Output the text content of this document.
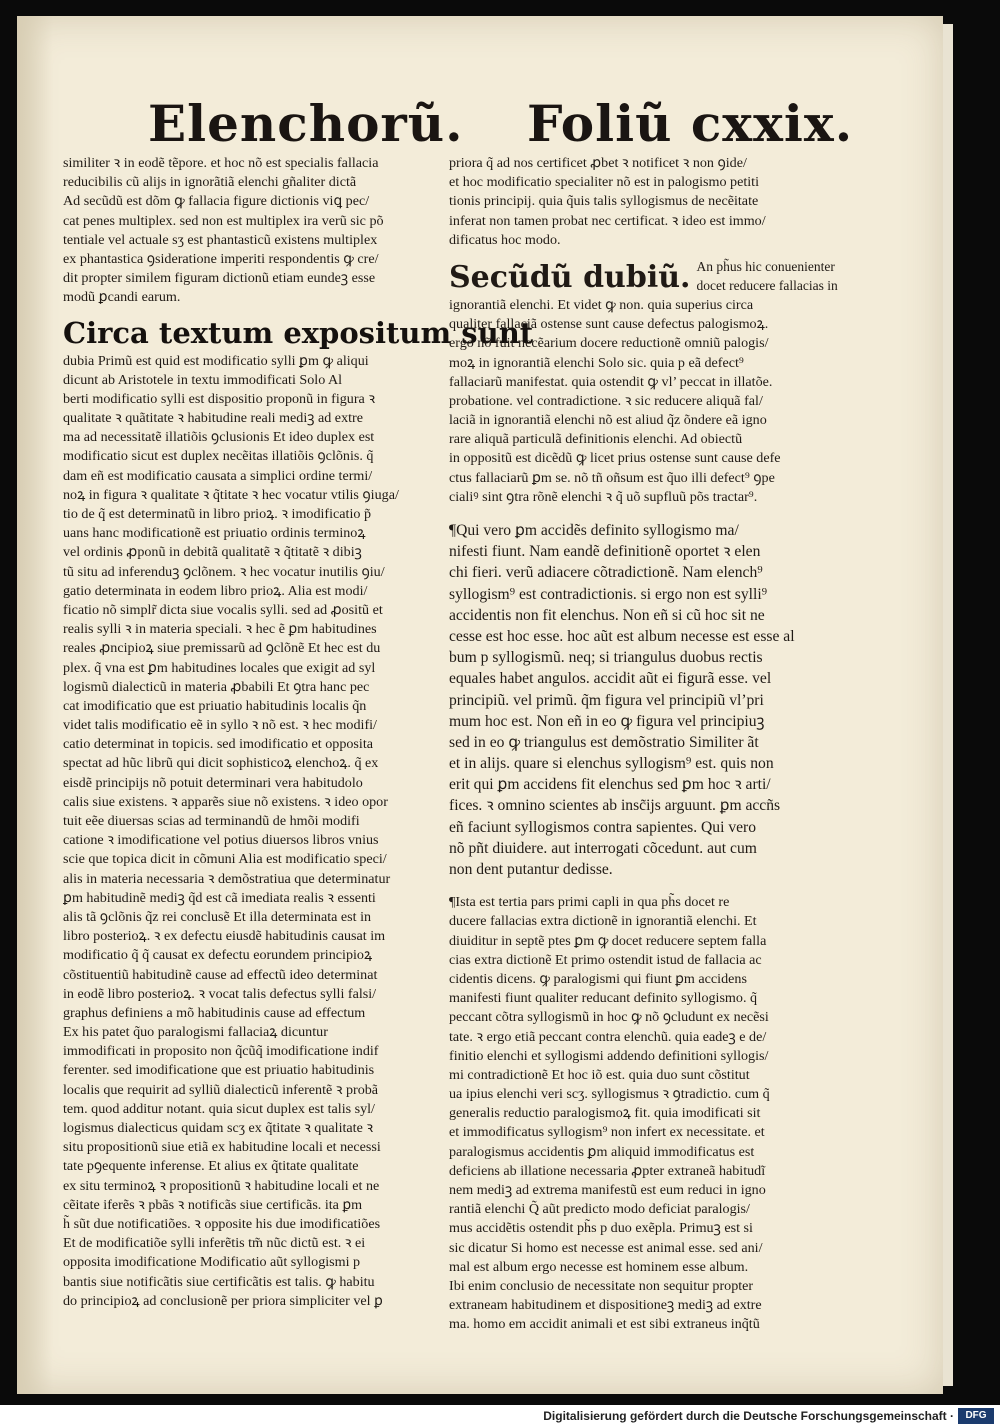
Elenchorũ. Foliũ cxxix.
similiter ꝛ in eodẽ tẽpore. et hoc nõ est specialis fallacia
reducibilis cũ alijs in ignorãtiã elenchi gñaliter dictã
Ad secũdũ est dõm ꝙ fallacia figure dictionis viꝗ pec/
cat penes multiplex. sed non est multiplex ira verũ sic põ
tentiale vel actuale sʒ est phantasticũ existens multiplex
ex phantastica ꝯsideratione imperiti respondentis ꝙ cre/
dit propter similem figuram dictionũ etiam eundeꝫ esse
modũ ꝑcandi earum.
Circa textum expositum sunt
dubia Primũ est quid est modificatio sylli ꝑm ꝙ aliqui
dicunt ab Aristotele in textu immodificati Solo Al
berti modificatio sylli est dispositio proponũ in figura ꝛ
qualitate ꝛ quãtitate ꝛ habitudine reali mediꝫ ad extre
ma ad necessitatẽ illatiõis ꝯclusionis Et ideo duplex est
modificatio sicut est duplex necẽitas illatiõis ꝯclõnis. q̃
dam eñ est modificatio causata a simplici ordine termi/
noꝝ in figura ꝛ qualitate ꝛ q̃titate ꝛ hec vocatur vtilis ꝯiuga/
tio de q̃ est determinatũ in libro prioꝝ. ꝛ imodificatio p̃
uans hanc modificationẽ est priuatio ordinis terminoꝝ
vel ordinis ꝓponũ in debitã qualitatẽ ꝛ q̃titatẽ ꝛ dibiꝫ
tũ situ ad inferenduꝫ ꝯclõnem. ꝛ hec vocatur inutilis ꝯiu/
gatio determinata in eodem libro prioꝝ. Alia est modi/
ficatio nõ simplr̃ dicta siue vocalis sylli. sed ad ꝓositũ et
realis sylli ꝛ in materia speciali. ꝛ hec ẽ ꝑm habitudines
reales ꝓncipioꝝ siue premissarũ ad ꝯclõnẽ Et hec est du
plex. q̃ vna est ꝑm habitudines locales que exigit ad syl
logismũ dialecticũ in materia ꝓbabili Et ꝯtra hanc pec
cat imodificatio que est priuatio habitudinis localis q̃n
videt talis modificatio eẽ in syllo ꝛ nõ est. ꝛ hec modifi/
catio determinat in topicis. sed imodificatio et opposita
spectat ad hũc librũ qui dicit sophisticoꝝ elenchoꝝ. q̃ ex
eisdẽ principijs nõ potuit determinari vera habitudolo
calis siue existens. ꝛ apparẽs siue nõ existens. ꝛ ideo opor
tuit eẽe diuersas scias ad terminandũ de hmõi modifi
catione ꝛ imodificatione vel potius diuersos libros vnius
scie que topica dicit in cõmuni Alia est modificatio speci/
alis in materia necessaria ꝛ demõstratiua que determinatur
ꝑm habitudinẽ mediꝫ q̃d est cã imediata realis ꝛ essenti
alis tã ꝯclõnis q̃z rei conclusẽ Et illa determinata est in
libro posterioꝝ. ꝛ ex defectu eiusdẽ habitudinis causat im
modificatio q̃ q̃ causat ex defectu eorundem principioꝝ
cõstituentiũ habitudinẽ cause ad effectũ ideo determinat
in eodẽ libro posterioꝝ. ꝛ vocat talis defectus sylli falsi/
graphus definiens a mõ habitudinis cause ad effectum
Ex his patet q̃uo paralogismi fallaciaꝝ dicuntur
immodificati in proposito non q̃cũq̃ imodificatione indif
ferenter. sed imodificatione que est priuatio habitudinis
localis que requirit ad sylliũ dialecticũ inferentẽ ꝛ probã
tem. quod additur notant. quia sicut duplex est talis syl/
logismus dialecticus quidam scʒ ex q̃titate ꝛ qualitate ꝛ
situ propositionũ siue etiã ex habitudine locali et necessi
tate pꝯequente inferense. Et alius ex q̃titate qualitate
ex situ terminoꝝ ꝛ propositionũ ꝛ habitudine locali et ne
cẽitate iferẽs ꝛ pbãs ꝛ notificãs siue certificãs. ita ꝑm
h̃ sũt due notificatiões. ꝛ opposite his due imodificatiões
Et de modificatiõe sylli inferẽtis tm̃ nũc dictũ est. ꝛ ei
opposita imodificatione Modificatio aũt syllogismi p
bantis siue notificãtis siue certificãtis est talis. ꝙ habitu
do principioꝝ ad conclusionẽ per priora simpliciter vel ꝑ
priora q̃ ad nos certificet ꝓbet ꝛ notificet ꝛ non ꝯide/
et hoc modificatio specialiter nõ est in palogismo petiti
tionis principij. quia q̃uis talis syllogismus de necẽitate
inferat non tamen probat nec certificat. ꝛ ideo est immo/
dificatus hoc modo.
Secũdũ dubiũ. An ph̃us hic conuenienter
docet reducere fallacias in
ignorantiã elenchi. Et videt ꝙ non. quia superius circa
qualiter fallaciã ostense sunt cause defectus palogismoꝝ.
ergo nõ fuit necẽarium docere reductionẽ omniũ palogis/
moꝝ in ignorantiã elenchi Solo sic. quia p eã defect⁹
fallaciarũ manifestat. quia ostendit ꝙ vl’ peccat in illatõe.
probatione. vel contradictione. ꝛ sic reducere aliquã fal/
laciã in ignorantiã elenchi nõ est aliud q̃z õndere eã igno
rare aliquã particulã definitionis elenchi. Ad obiectũ
in oppositũ est dicẽdũ ꝙ licet prius ostense sunt cause defe
ctus fallaciarũ ꝑm se. nõ tñ oñsum est q̃uo illi defect⁹ ꝯpe
cialiꝰ sint ꝯtra rõnẽ elenchi ꝛ q̃ uõ supfluũ põs tractar⁹.
¶Qui vero ꝑm accidẽs definito syllogismo ma/
nifesti fiunt. Nam eandẽ definitionẽ oportet ꝛ elen
chi fieri. verũ adiacere cõtradictionẽ. Nam elench⁹
syllogism⁹ est contradictionis. si ergo non est sylli⁹
accidentis non fit elenchus. Non eñ si cũ hoc sit ne
cesse est hoc esse. hoc aũt est album necesse est esse al
bum p syllogismũ. neq; si triangulus duobus rectis
equales habet angulos. accidit aũt ei figurã esse. vel
principiũ. vel primũ. q̃m figura vel principiũ vl’pri
mum hoc est. Non eñ in eo ꝙ figura vel principiuꝫ
sed in eo ꝙ triangulus est demõstratio Similiter ãt
et in alijs. quare si elenchus syllogism⁹ est. quis non
erit qui ꝑm accidens fit elenchus sed ꝑm hoc ꝛ arti/
fices. ꝛ omnino scientes ab insc̃ijs arguunt. ꝑm accñs
eñ faciunt syllogismos contra sapientes. Qui vero
nõ pñt diuidere. aut interrogati cõcedunt. aut cum
non dent putantur dedisse.
¶Ista est tertia pars primi capli in qua ph̃s docet re
ducere fallacias extra dictionẽ in ignorantiã elenchi. Et
diuiditur in septẽ ptes ꝑm ꝙ docet reducere septem falla
cias extra dictionẽ Et primo ostendit istud de fallacia ac
cidentis dicens. ꝙ paralogismi qui fiunt ꝑm accidens
manifesti fiunt qualiter reducant definito syllogismo. q̃
peccant cõtra syllogismũ in hoc ꝙ nõ ꝯcludunt ex necẽsi
tate. ꝛ ergo etiã peccant contra elenchũ. quia eadeꝫ e de/
finitio elenchi et syllogismi addendo definitioni syllogis/
mi contradictionẽ Et hoc iõ est. quia duo sunt cõstitut
ua ipius elenchi veri scʒ. syllogismus ꝛ ꝯtradictio. cum q̃
generalis reductio paralogismoꝝ fit. quia imodificati sit
et immodificatus syllogism⁹ non infert ex necessitate. et
paralogismus accidentis ꝑm aliquid immodificatus est
deficiens ab illatione necessaria ꝓpter extraneã habitudĩ
nem mediꝫ ad extrema manifestũ est eum reduci in igno
rantiã elenchi Q̃ aũt predicto modo deficiat paralogis/
mus accidẽtis ostendit ph̃s p duo exẽpla. Primuꝫ est si
sic dicatur Si homo est necesse est animal esse. sed ani/
mal est album ergo necesse est hominem esse album.
Ibi enim conclusio de necessitate non sequitur propter
extraneam habitudinem et dispositioneꝫ mediꝫ ad extre
ma. homo em accidit animali et est sibi extraneus inq̃tũ
Digitalisierung gefördert durch die Deutsche Forschungsgemeinschaft ·	DFG
